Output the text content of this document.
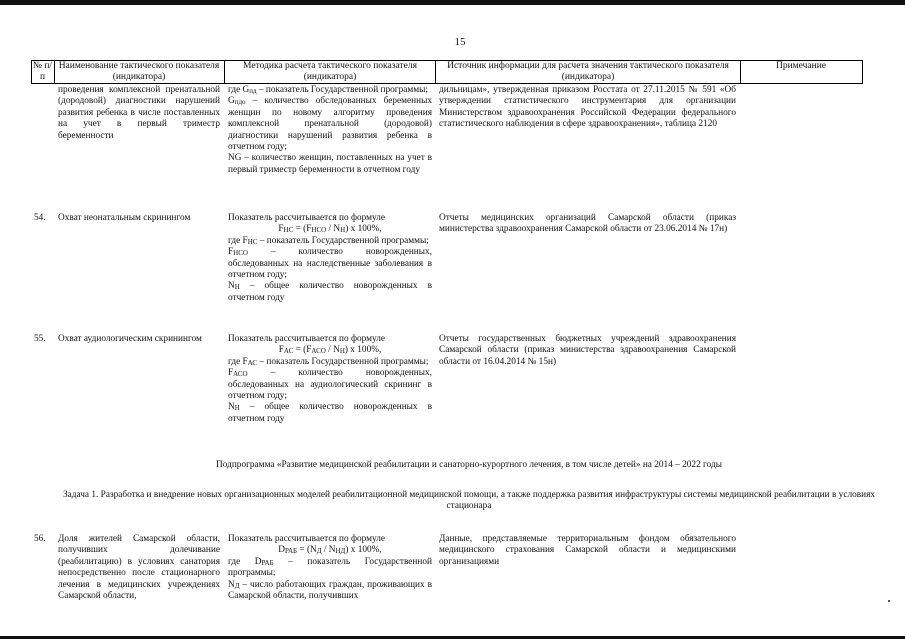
15
№ п/п
Наименование тактического показателя (индикатора)
Методика расчета тактического показателя (индикатора)
Источник информации для расчета значения тактического показателя (индикатора)
Примечание
проведения комплексной пренатальной (дородовой) диагностики нарушений развития ребенка в числе поставленных на учет в первый триместр беременности

где $G_{пд}$ – показатель Государственной программы;

$G_{пдо}$ – количество обследованных беременных женщин по новому алгоритму проведения комплексной пренатальной (дородовой) диагностики нарушений развития ребенка в отчетном году;

NG – количество женщин, поставленных на учет в первый триместр беременности в отчетном году

дильницам», утвержденная приказом Росстата от 27.11.2015 № 591 «Об утверждении статистического инструментария для организации Министерством здравоохранения Российской Федерации федерального статистического наблюдения в сфере здравоохранения», таблица 2120
54. Охват неонатальным скринингом	Показатель рассчитывается по формуле

$F_{НС} = (F_{НСО} / N_Н)$ x 100%,

где $F_{НС}$ – показатель Государственной программы;

$F_{НСО}$ – количество новорожденных, обследованных на наследственные заболевания в отчетном году;

$N_Н$ – общее количество новорожденных в отчетном году

Отчеты медицинских организаций Самарской области (приказ министерства здравоохранения Самарской области от 23.06.2014 № 17н)
55. Охват аудиологическим скринингом	Показатель рассчитывается по формуле

$F_{АС} = (F_{АСО} / N_Н)$ x 100%,

где $F_{АС}$ – показатель Государственной программы;

$F_{АСО}$ – количество новорожденных, обследованных на аудиологический скрининг в отчетном году;

$N_Н$ – общее количество новорожденных в отчетном году

Отчеты государственных бюджетных учреждений здравоохранения Самарской области (приказ министерства здравоохранения Самарской области от 16.04.2014 № 15н)
Подпрограмма «Развитие медицинской реабилитации и санаторно-курортного лечения, в том числе детей» на 2014 – 2022 годы
Задача 1. Разработка и внедрение новых организационных моделей реабилитационной медицинской помощи, а также поддержка развития инфраструктуры системы медицинской реабилитации в условиях стационара
56. Доля жителей Самарской области, получивших долечивание (реабилитацию) в условиях санатория непосредственно после стационарного лечения в медицинских учреждениях Самарской области,

Показатель рассчитывается по формуле

$D_{РАБ} = (N_Д / N_{НД})$ x 100%,

где $D_{РАБ}$ – показатель Государственной программы;

$N_Д$ – число работающих граждан, проживающих в Самарской области, получивших

Данные, представляемые территориальным фондом обязательного медицинского страхования Самарской области и медицинскими организациями
